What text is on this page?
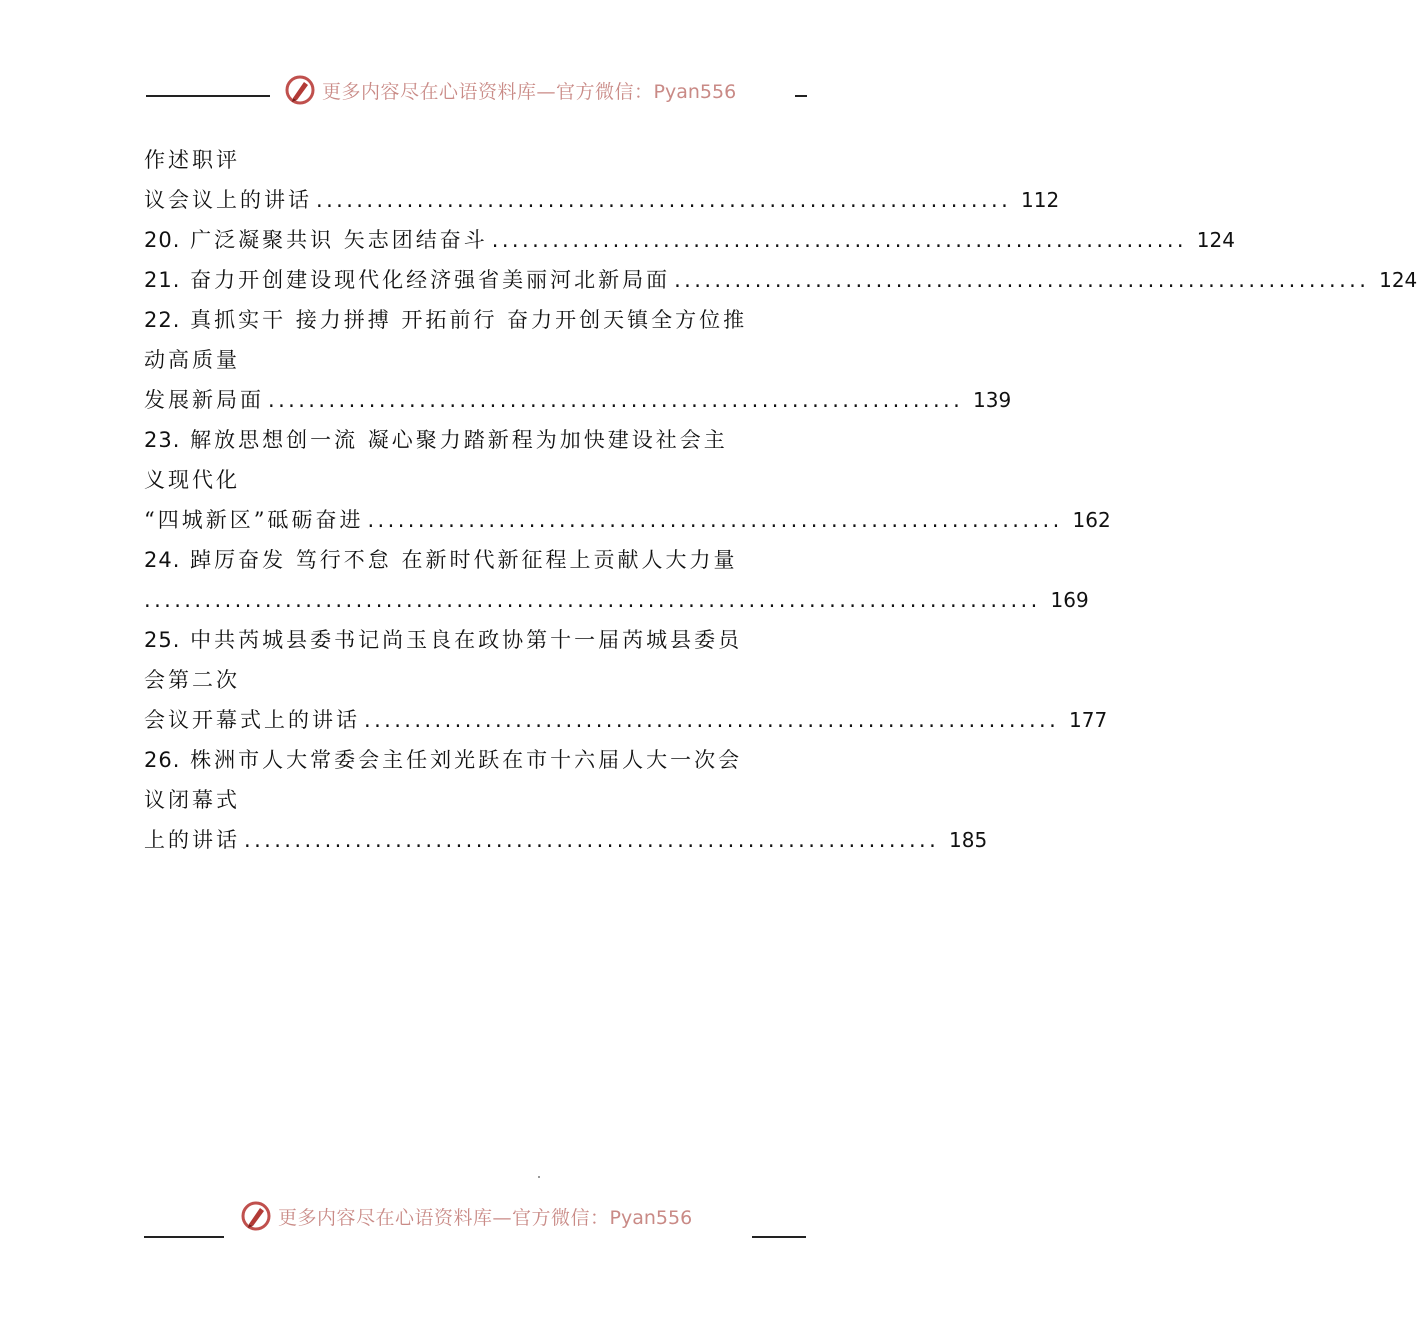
更多内容尽在心语资料库—官方微信：Pyan556
作述职评
议会议上的讲话 ..................................................................... 112
20. 广泛凝聚共识 矢志团结奋斗 ..................................................................... 124
21. 奋力开创建设现代化经济强省美丽河北新局面 ..................................................................... 124
22. 真抓实干 接力拼搏 开拓前行 奋力开创天镇全方位推
动高质量
发展新局面 ..................................................................... 139
23. 解放思想创一流 凝心聚力踏新程为加快建设社会主
义现代化
“四城新区”砥砺奋进 ..................................................................... 162
24. 踔厉奋发 笃行不怠 在新时代新征程上贡献人大力量
......................................................................................... 169
25. 中共芮城县委书记尚玉良在政协第十一届芮城县委员
会第二次
会议开幕式上的讲话 ..................................................................... 177
26. 株洲市人大常委会主任刘光跃在市十六届人大一次会
议闭幕式
上的讲话 ..................................................................... 185
更多内容尽在心语资料库—官方微信：Pyan556
